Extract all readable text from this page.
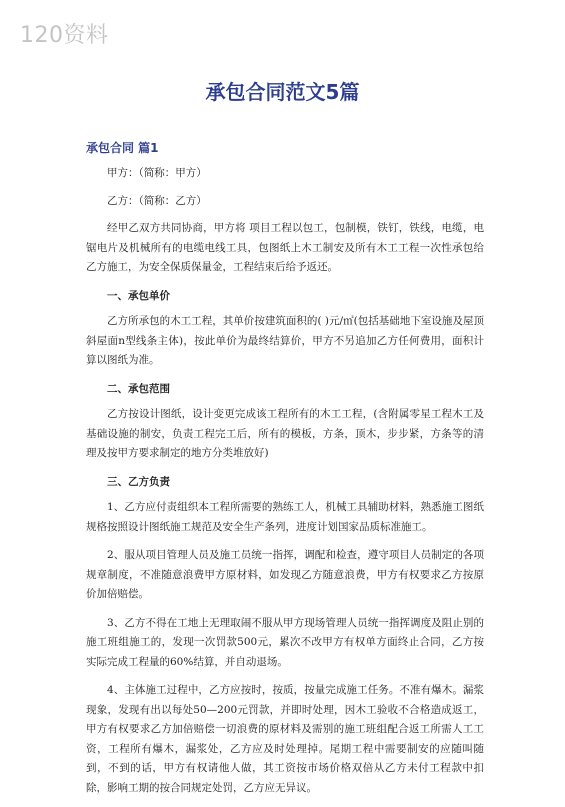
120资料
承包合同范文5篇
承包合同 篇1

甲方：（简称：甲方）

乙方：（简称：乙方）

经甲乙双方共同协商，甲方将 项目工程以包工，包制模，铁钉，铁线，电缆，电锯电片及机械所有的电缆电线工具，包图纸上木工制安及所有木工工程一次性承包给乙方施工，为安全保质保量金，工程结束后给予返还。

一、承包单价

乙方所承包的木工工程，其单价按建筑面积的( )元/㎡(包括基础地下室设施及屋顶斜屋面n型线条主体)，按此单价为最终结算价，甲方不另追加乙方任何费用，面积计算以图纸为准。

二、承包范围

乙方按设计图纸，设计变更完成该工程所有的木工工程，(含附属零星工程木工及基础设施的制安，负责工程完工后，所有的模板，方条，顶木，步步紧，方条等的清理及按甲方要求制定的地方分类堆放好)

三、乙方负责

1、乙方应付责组织本工程所需要的熟练工人，机械工具辅助材料，熟悉施工图纸规格按照设计图纸施工规范及安全生产条列，进度计划国家品质标准施工。

2、服从项目管理人员及施工员统一指挥，调配和检查，遵守项目人员制定的各项规章制度，不准随意浪费甲方原材料，如发现乙方随意浪费，甲方有权要求乙方按原价加倍赔偿。

3、乙方不得在工地上无理取闹不服从甲方现场管理人员统一指挥调度及阻止别的施工班组施工的，发现一次罚款500元，累次不改甲方有权单方面终止合同，乙方按实际完成工程量的60%结算，并自动退场。

4、主体施工过程中，乙方应按时，按质，按量完成施工任务。不准有爆木。漏浆现象，发现有出以每处50—200元罚款，并即时处理，因木工验收不合格造成返工，甲方有权要求乙方加倍赔偿一切浪费的原材料及需别的施工班组配合返工所需人工工资，工程所有爆木，漏浆处，乙方应及时处理掉。尾期工程中需要制安的应随叫随到，不到的话，甲方有权请他人做，其工资按市场价格双倍从乙方未付工程款中扣除，影响工期的按合同规定处罚，乙方应无异议。
